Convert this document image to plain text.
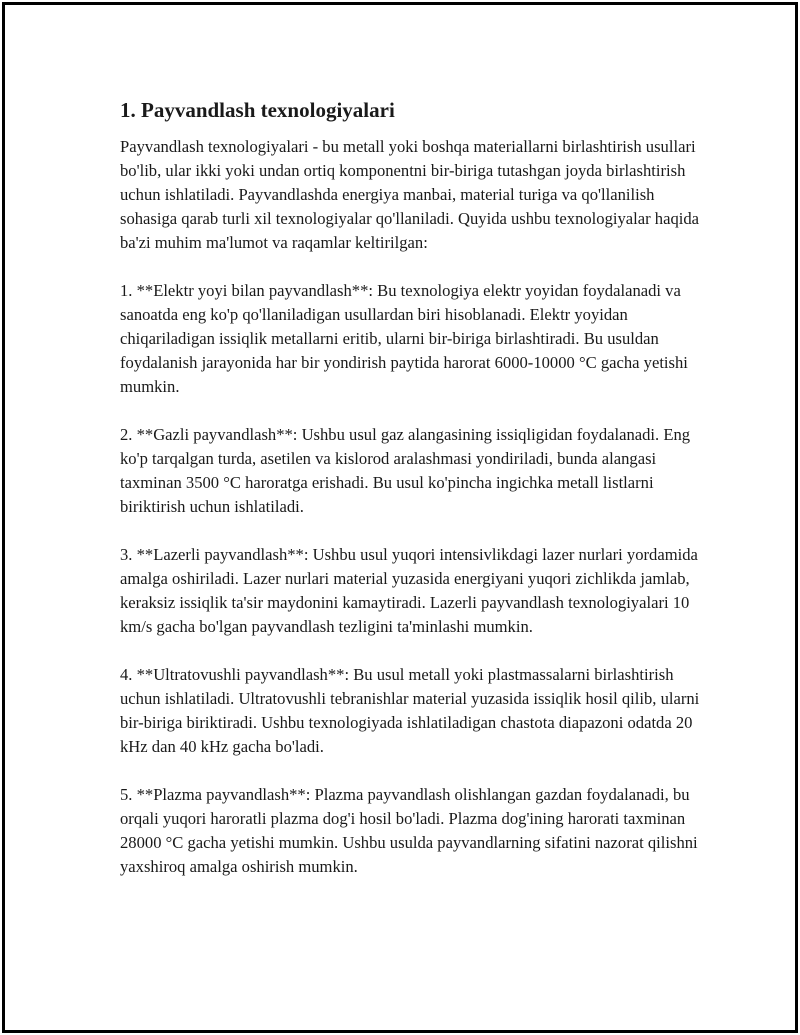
1. Payvandlash texnologiyalari

Payvandlash texnologiyalari - bu metall yoki boshqa materiallarni birlashtirish usullari bo'lib, ular ikki yoki undan ortiq komponentni bir-biriga tutashgan joyda birlashtirish uchun ishlatiladi. Payvandlashda energiya manbai, material turiga va qo'llanilish sohasiga qarab turli xil texnologiyalar qo'llaniladi. Quyida ushbu texnologiyalar haqida ba'zi muhim ma'lumot va raqamlar keltirilgan:

1. **Elektr yoyi bilan payvandlash**: Bu texnologiya elektr yoyidan foydalanadi va sanoatda eng ko'p qo'llaniladigan usullardan biri hisoblanadi. Elektr yoyidan chiqariladigan issiqlik metallarni eritib, ularni bir-biriga birlashtiradi. Bu usuldan foydalanish jarayonida har bir yondirish paytida harorat 6000-10000 °C gacha yetishi mumkin.

2. **Gazli payvandlash**: Ushbu usul gaz alangasining issiqligidan foydalanadi. Eng ko'p tarqalgan turda, asetilen va kislorod aralashmasi yondiriladi, bunda alangasi taxminan 3500 °C haroratga erishadi. Bu usul ko'pincha ingichka metall listlarni biriktirish uchun ishlatiladi.

3. **Lazerli payvandlash**: Ushbu usul yuqori intensivlikdagi lazer nurlari yordamida amalga oshiriladi. Lazer nurlari material yuzasida energiyani yuqori zichlikda jamlab, keraksiz issiqlik ta'sir maydonini kamaytiradi. Lazerli payvandlash texnologiyalari 10 km/s gacha bo'lgan payvandlash tezligini ta'minlashi mumkin.

4. **Ultratovushli payvandlash**: Bu usul metall yoki plastmassalarni birlashtirish uchun ishlatiladi. Ultratovushli tebranishlar material yuzasida issiqlik hosil qilib, ularni bir-biriga biriktiradi. Ushbu texnologiyada ishlatiladigan chastota diapazoni odatda 20 kHz dan 40 kHz gacha bo'ladi.

5. **Plazma payvandlash**: Plazma payvandlash olishlangan gazdan foydalanadi, bu orqali yuqori haroratli plazma dog'i hosil bo'ladi. Plazma dog'ining harorati taxminan 28000 °C gacha yetishi mumkin. Ushbu usulda payvandlarning sifatini nazorat qilishni yaxshiroq amalga oshirish mumkin.
